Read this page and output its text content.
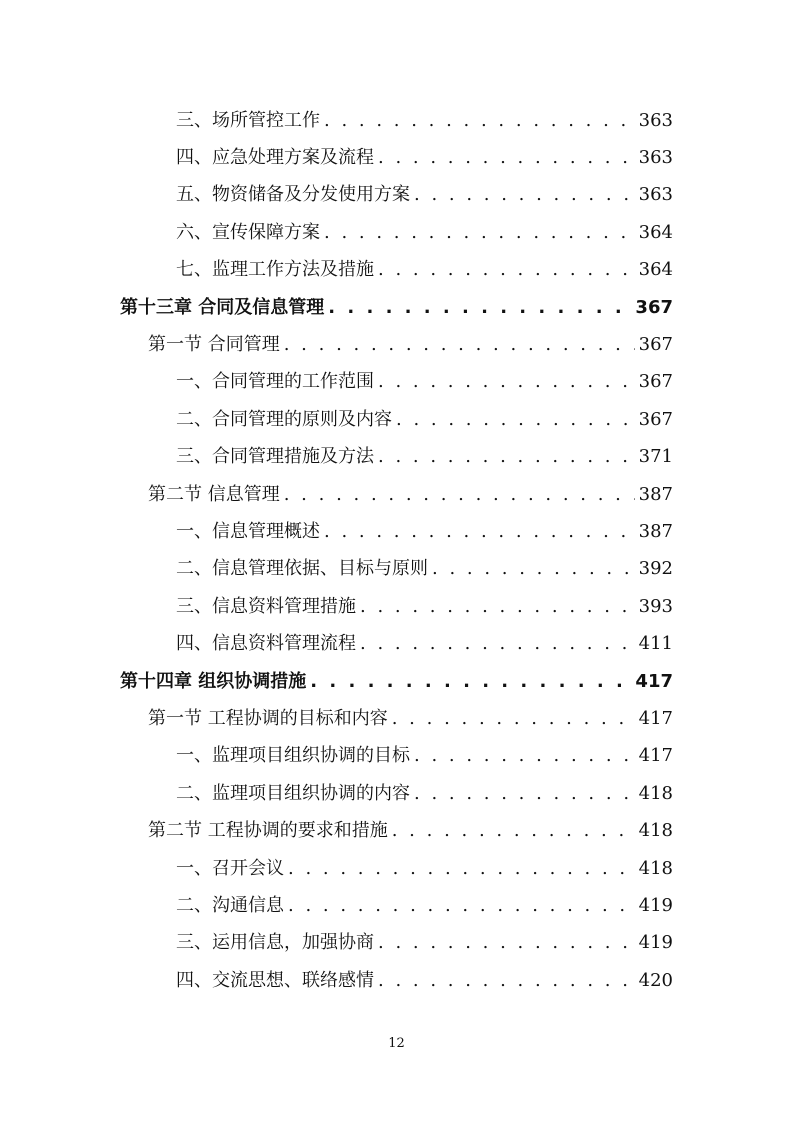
三、场所管控工作 . . .	363
四、应急处理方案及流程 . . .	363
五、物资储备及分发使用方案 . . .	363
六、宣传保障方案 . . .	364
七、监理工作方法及措施 . . .	364
第十三章 合同及信息管理 . . .	367
第一节 合同管理 . . .	367
一、合同管理的工作范围 . . .	367
二、合同管理的原则及内容 . . .	367
三、合同管理措施及方法 . . .	371
第二节 信息管理 . . .	387
一、信息管理概述 . . .	387
二、信息管理依据、目标与原则 . . .	392
三、信息资料管理措施 . . .	393
四、信息资料管理流程 . . .	411
第十四章 组织协调措施 . . .	417
第一节 工程协调的目标和内容 . . .	417
一、监理项目组织协调的目标 . . .	417
二、监理项目组织协调的内容 . . .	418
第二节 工程协调的要求和措施 . . .	418
一、召开会议 . . .	418
二、沟通信息 . . .	419
三、运用信息，加强协商 . . .	419
四、交流思想、联络感情 . . .	420
12
